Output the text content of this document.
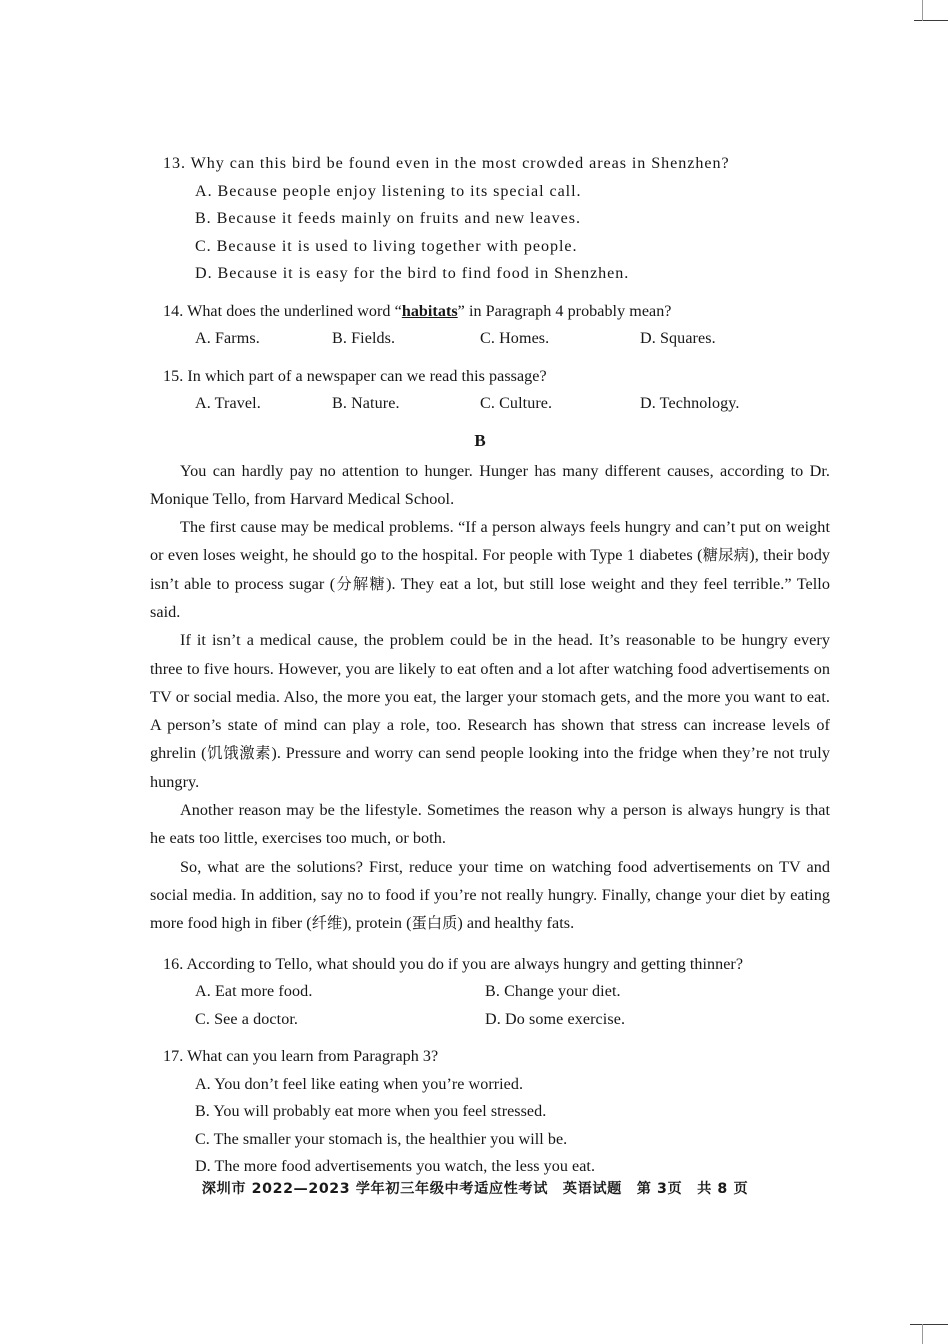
13. Why can this bird be found even in the most crowded areas in Shenzhen?
A. Because people enjoy listening to its special call.
B. Because it feeds mainly on fruits and new leaves.
C. Because it is used to living together with people.
D. Because it is easy for the bird to find food in Shenzhen.
14. What does the underlined word “habitats” in Paragraph 4 probably mean?
A. Farms.	B. Fields.	C. Homes.	D. Squares.
15. In which part of a newspaper can we read this passage?
A. Travel.	B. Nature.	C. Culture.	D. Technology.
B

You can hardly pay no attention to hunger. Hunger has many different causes, according to Dr. Monique Tello, from Harvard Medical School.

The first cause may be medical problems. “If a person always feels hungry and can’t put on weight or even loses weight, he should go to the hospital. For people with Type 1 diabetes (糖尿病), their body isn’t able to process sugar (分解糖). They eat a lot, but still lose weight and they feel terrible.” Tello said.

If it isn’t a medical cause, the problem could be in the head. It’s reasonable to be hungry every three to five hours. However, you are likely to eat often and a lot after watching food advertisements on TV or social media. Also, the more you eat, the larger your stomach gets, and the more you want to eat. A person’s state of mind can play a role, too. Research has shown that stress can increase levels of ghrelin (饥饿激素). Pressure and worry can send people looking into the fridge when they’re not truly hungry.

Another reason may be the lifestyle. Sometimes the reason why a person is always hungry is that he eats too little, exercises too much, or both.

So, what are the solutions? First, reduce your time on watching food advertisements on TV and social media. In addition, say no to food if you’re not really hungry. Finally, change your diet by eating more food high in fiber (纤维), protein (蛋白质) and healthy fats.

16. According to Tello, what should you do if you are always hungry and getting thinner?
A. Eat more food.	B. Change your diet.
C. See a doctor.	D. Do some exercise.
17. What can you learn from Paragraph 3?
A. You don’t feel like eating when you’re worried.
B. You will probably eat more when you feel stressed.
C. The smaller your stomach is, the healthier you will be.
D. The more food advertisements you watch, the less you eat.
深圳市 2022—2023 学年初三年级中考适应性考试　英语试题　第 3页　共 8 页
